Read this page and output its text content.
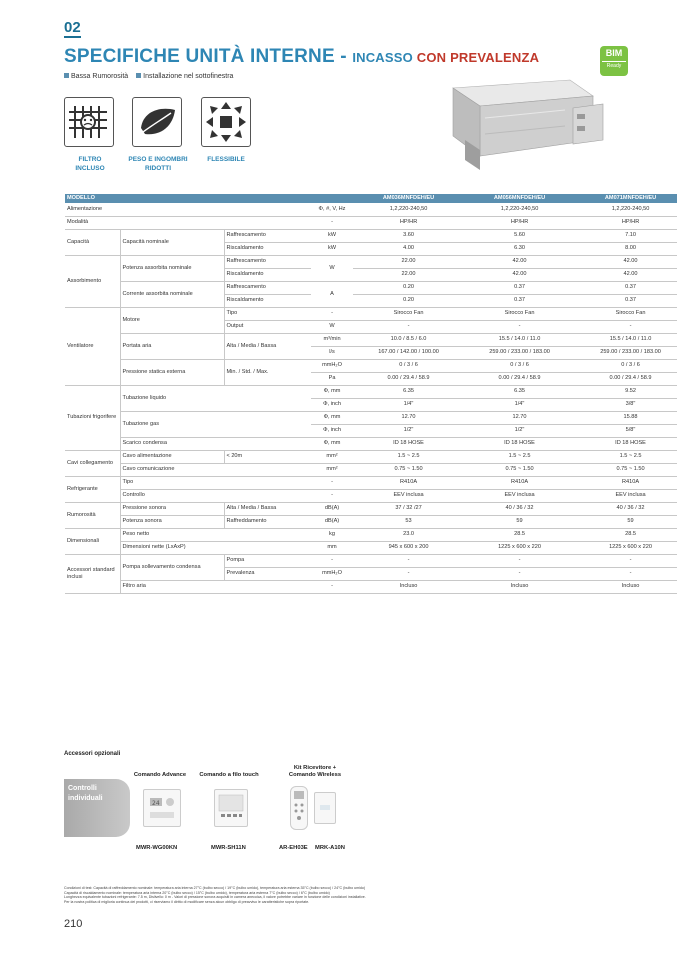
02
SPECIFICHE UNITÀ INTERNE - INCASSO CON PREVALENZA
Bassa Rumorosità Installazione nel sottofinestra
BIM
Ready
FILTRO
INCLUSO
PESO E INGOMBRI
RIDOTTI
FLESSIBILE
MODELLO				AM036MNFDEH/EU	AM056MNFDEH/EU	AM071MNFDEH/EU
Alimentazione			Φ, #, V, Hz	1,2,220-240,50	1,2,220-240,50	1,2,220-240,50
Modalità			-	HP/HR	HP/HR	HP/HR
Capacità	Capacità nominale	Raffrescamento	kW	3.60	5.60	7.10
		Riscaldamento	kW	4.00	6.30	8.00
Assorbimento	Potenza assorbita nominale	Raffrescamento	W	22.00	42.00	42.00
		Riscaldamento		22.00	42.00	42.00
	Corrente assorbita nominale	Raffrescamento	A	0.20	0.37	0.37
		Riscaldamento		0.20	0.37	0.37
Ventilatore	Motore	Tipo	-	Sirocco Fan	Sirocco Fan	Sirocco Fan
		Output	W	-	-	-
	Portata aria	Alta / Media / Bassa	m³/min	10.0 / 8.5 / 6.0	15.5 / 14.0 / 11.0	15.5 / 14.0 / 11.0
			l/s	167.00 / 142.00 / 100.00	259.00 / 233.00 / 183.00	259.00 / 233.00 / 183.00
	Pressione statica esterna	Min. / Std. / Max.	mmH₂O	0 / 3 / 6	0 / 3 / 6	0 / 3 / 6
			Pa	0.00 / 29.4 / 58.9	0.00 / 29.4 / 58.9	0.00 / 29.4 / 58.9
Tubazioni frigorifere	Tubazione liquido		Φ, mm	6.35	6.35	9.52
			Φ, inch	1/4"	1/4"	3/8"
	Tubazione gas		Φ, mm	12.70	12.70	15.88
			Φ, inch	1/2"	1/2"	5/8"
	Scarico condensa		Φ, mm	ID 18 HOSE	ID 18 HOSE	ID 18 HOSE
Cavi collegamento	Cavo alimentazione	< 20m	mm²	1.5 ~ 2.5	1.5 ~ 2.5	1.5 ~ 2.5
	Cavo comunicazione		mm²	0.75 ~ 1.50	0.75 ~ 1.50	0.75 ~ 1.50
Refrigerante	Tipo		-	R410A	R410A	R410A
	Controllo		-	EEV inclusa	EEV inclusa	EEV inclusa
Rumorosità	Pressione sonora	Alta / Media / Bassa	dB(A)	37 / 32 /27	40 / 36 / 32	40 / 36 / 32
	Potenza sonora	Raffreddamento	dB(A)	53	59	59
Dimensionali	Peso netto		kg	23.0	28.5	28.5
	Dimensioni nette (LxAxP)		mm	945 x 600 x 200	1225 x 600 x 220	1225 x 600 x 220
Accessori standard inclusi	Pompa sollevamento condensa	Pompa	-	-	-	-
		Prevalenza	mmH₂O	-	-	-
	Filtro aria		-	Incluso	Incluso	Incluso
Accessori opzionali
Controlli
individuali
Comando Advance	Comando a filo touch
Kit Ricevitore +
Comando Wireless
24
MWR-WG00KN	MWR-SH11N	AR-EH03E MRK-A10N
Condizioni di test: Capacità di raffreddamento nominale: temperatura aria interna 27°C (bulbo secco) / 19°C (bulbo umido), temperatura aria esterna 35°C (bulbo secco) / 24°C (bulbo umido)
Capacità di riscaldamento nominale: temperatura aria interna 20°C (bulbo secco) / 15°C (bulbo umido), temperatura aria esterna 7°C (bulbo secco) / 6°C (bulbo umido)
Lunghezza equivalente tubazioni refrigerante: 7.5 m, Dislivello: 0 m - Valori di pressione sonora acquisiti in camera anecoica, il valore potrebbe variare in funzione delle condizioni installative.
Per la nostra politica di miglioria continua dei prodotti, ci riserviamo il diritto di modificare senza alcun obbligo di preavviso le caratteristiche sopra riportate.
210
